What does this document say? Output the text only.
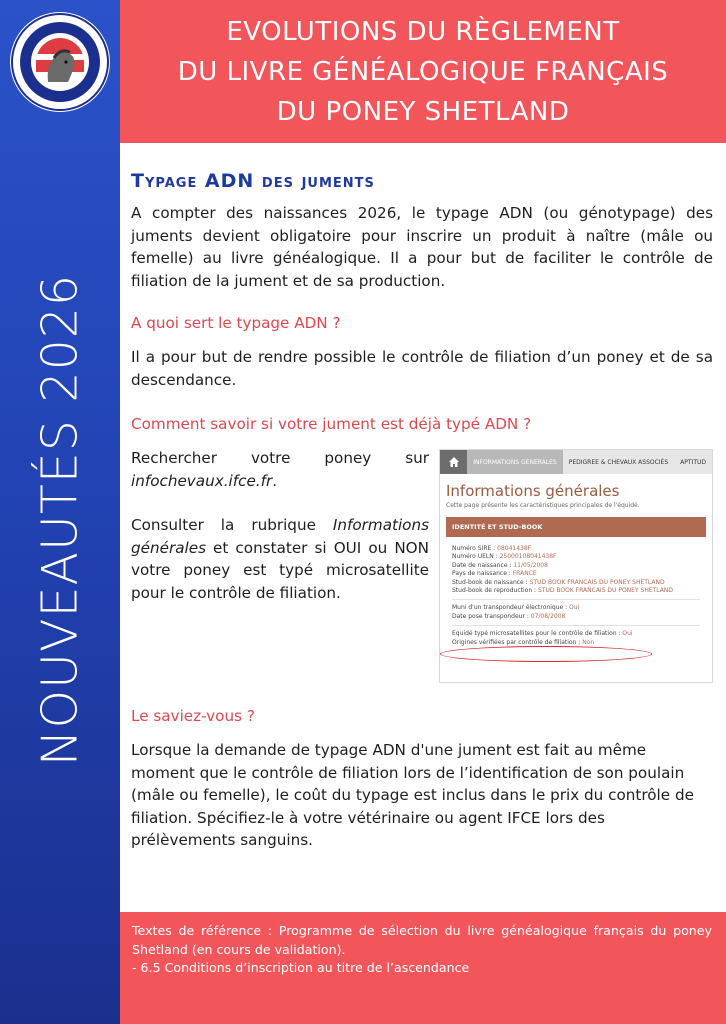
NOUVEAUTÉS 2026
EVOLUTIONS DU RÈGLEMENT
DU LIVRE GÉNÉALOGIQUE FRANÇAIS
DU PONEY SHETLAND
Typage ADN des juments

A compter des naissances 2026, le typage ADN (ou génotypage) des juments devient obligatoire pour inscrire un produit à naître (mâle ou femelle) au livre généalogique. Il a pour but de faciliter le contrôle de filiation de la jument et de sa production.

A quoi sert le typage ADN ?

Il a pour but de rendre possible le contrôle de filiation d’un poney et de sa descendance.

Comment savoir si votre jument est déjà typé ADN ?

Rechercher votre poney sur
infochevaux.ifce.fr.

Consulter la rubrique Informations générales et constater si OUI ou NON votre poney est typé microsatellite pour le contrôle de filiation.

INFORMATIONS GÉNÉRALES	PEDIGREE & CHEVAUX ASSOCIÉS	APTITUD
Informations générales
Cette page présente les caractéristiques principales de l'équidé.
IDENTITÉ ET STUD-BOOK
Numéro SIRE : 08041438F
Numéro UELN : 25000108041438F
Date de naissance : 11/05/2008
Pays de naissance : FRANCE
Stud-book de naissance : STUD BOOK FRANCAIS DU PONEY SHETLAND
Stud-book de reproduction : STUD BOOK FRANCAIS DU PONEY SHETLAND
Muni d'un transpondeur électronique : Oui
Date pose transpondeur : 07/08/2008
Equidé typé microsatellites pour le contrôle de filiation : Oui
Origines vérifiées par contrôle de filiation : Non
Le saviez-vous ?

Lorsque la demande de typage ADN d'une jument est fait au même moment que le contrôle de filiation lors de l’identification de son poulain (mâle ou femelle), le coût du typage est inclus dans le prix du contrôle de filiation. Spécifiez-le à votre vétérinaire ou agent IFCE lors des prélèvements sanguins.

Textes de référence : Programme de sélection du livre généalogique français du poney Shetland (en cours de validation).
- 6.5 Conditions d’inscription au titre de l’ascendance
